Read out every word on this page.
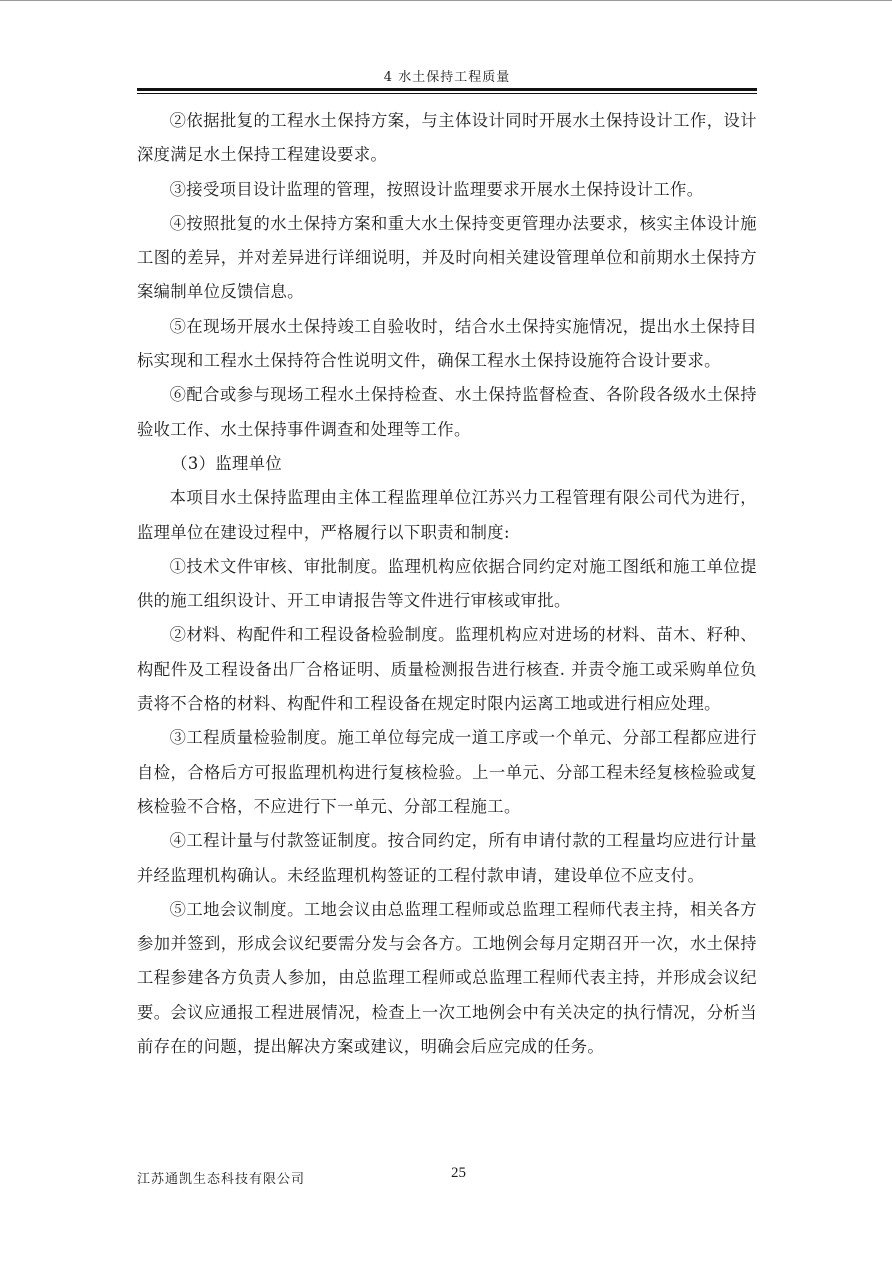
4 水土保持工程质量

②依据批复的工程水土保持方案，与主体设计同时开展水土保持设计工作，设计深度满足水土保持工程建设要求。

③接受项目设计监理的管理，按照设计监理要求开展水土保持设计工作。

④按照批复的水土保持方案和重大水土保持变更管理办法要求，核实主体设计施工图的差异，并对差异进行详细说明，并及时向相关建设管理单位和前期水土保持方案编制单位反馈信息。

⑤在现场开展水土保持竣工自验收时，结合水土保持实施情况，提出水土保持目标实现和工程水土保持符合性说明文件，确保工程水土保持设施符合设计要求。

⑥配合或参与现场工程水土保持检查、水土保持监督检查、各阶段各级水土保持验收工作、水土保持事件调查和处理等工作。

（3）监理单位

本项目水土保持监理由主体工程监理单位江苏兴力工程管理有限公司代为进行，监理单位在建设过程中，严格履行以下职责和制度:

①技术文件审核、审批制度。监理机构应依据合同约定对施工图纸和施工单位提供的施工组织设计、开工申请报告等文件进行审核或审批。

②材料、构配件和工程设备检验制度。监理机构应对进场的材料、苗木、籽种、构配件及工程设备出厂合格证明、质量检测报告进行核查. 并责令施工或采购单位负责将不合格的材料、构配件和工程设备在规定时限内运离工地或进行相应处理。

③工程质量检验制度。施工单位每完成一道工序或一个单元、分部工程都应进行自检，合格后方可报监理机构进行复核检验。上一单元、分部工程未经复核检验或复核检验不合格，不应进行下一单元、分部工程施工。

④工程计量与付款签证制度。按合同约定，所有申请付款的工程量均应进行计量并经监理机构确认。未经监理机构签证的工程付款申请，建设单位不应支付。

⑤工地会议制度。工地会议由总监理工程师或总监理工程师代表主持，相关各方参加并签到，形成会议纪要需分发与会各方。工地例会每月定期召开一次，水土保持工程参建各方负责人参加，由总监理工程师或总监理工程师代表主持，并形成会议纪要。会议应通报工程进展情况，检查上一次工地例会中有关决定的执行情况，分析当前存在的问题，提出解决方案或建议，明确会后应完成的任务。

江苏通凯生态科技有限公司	25
